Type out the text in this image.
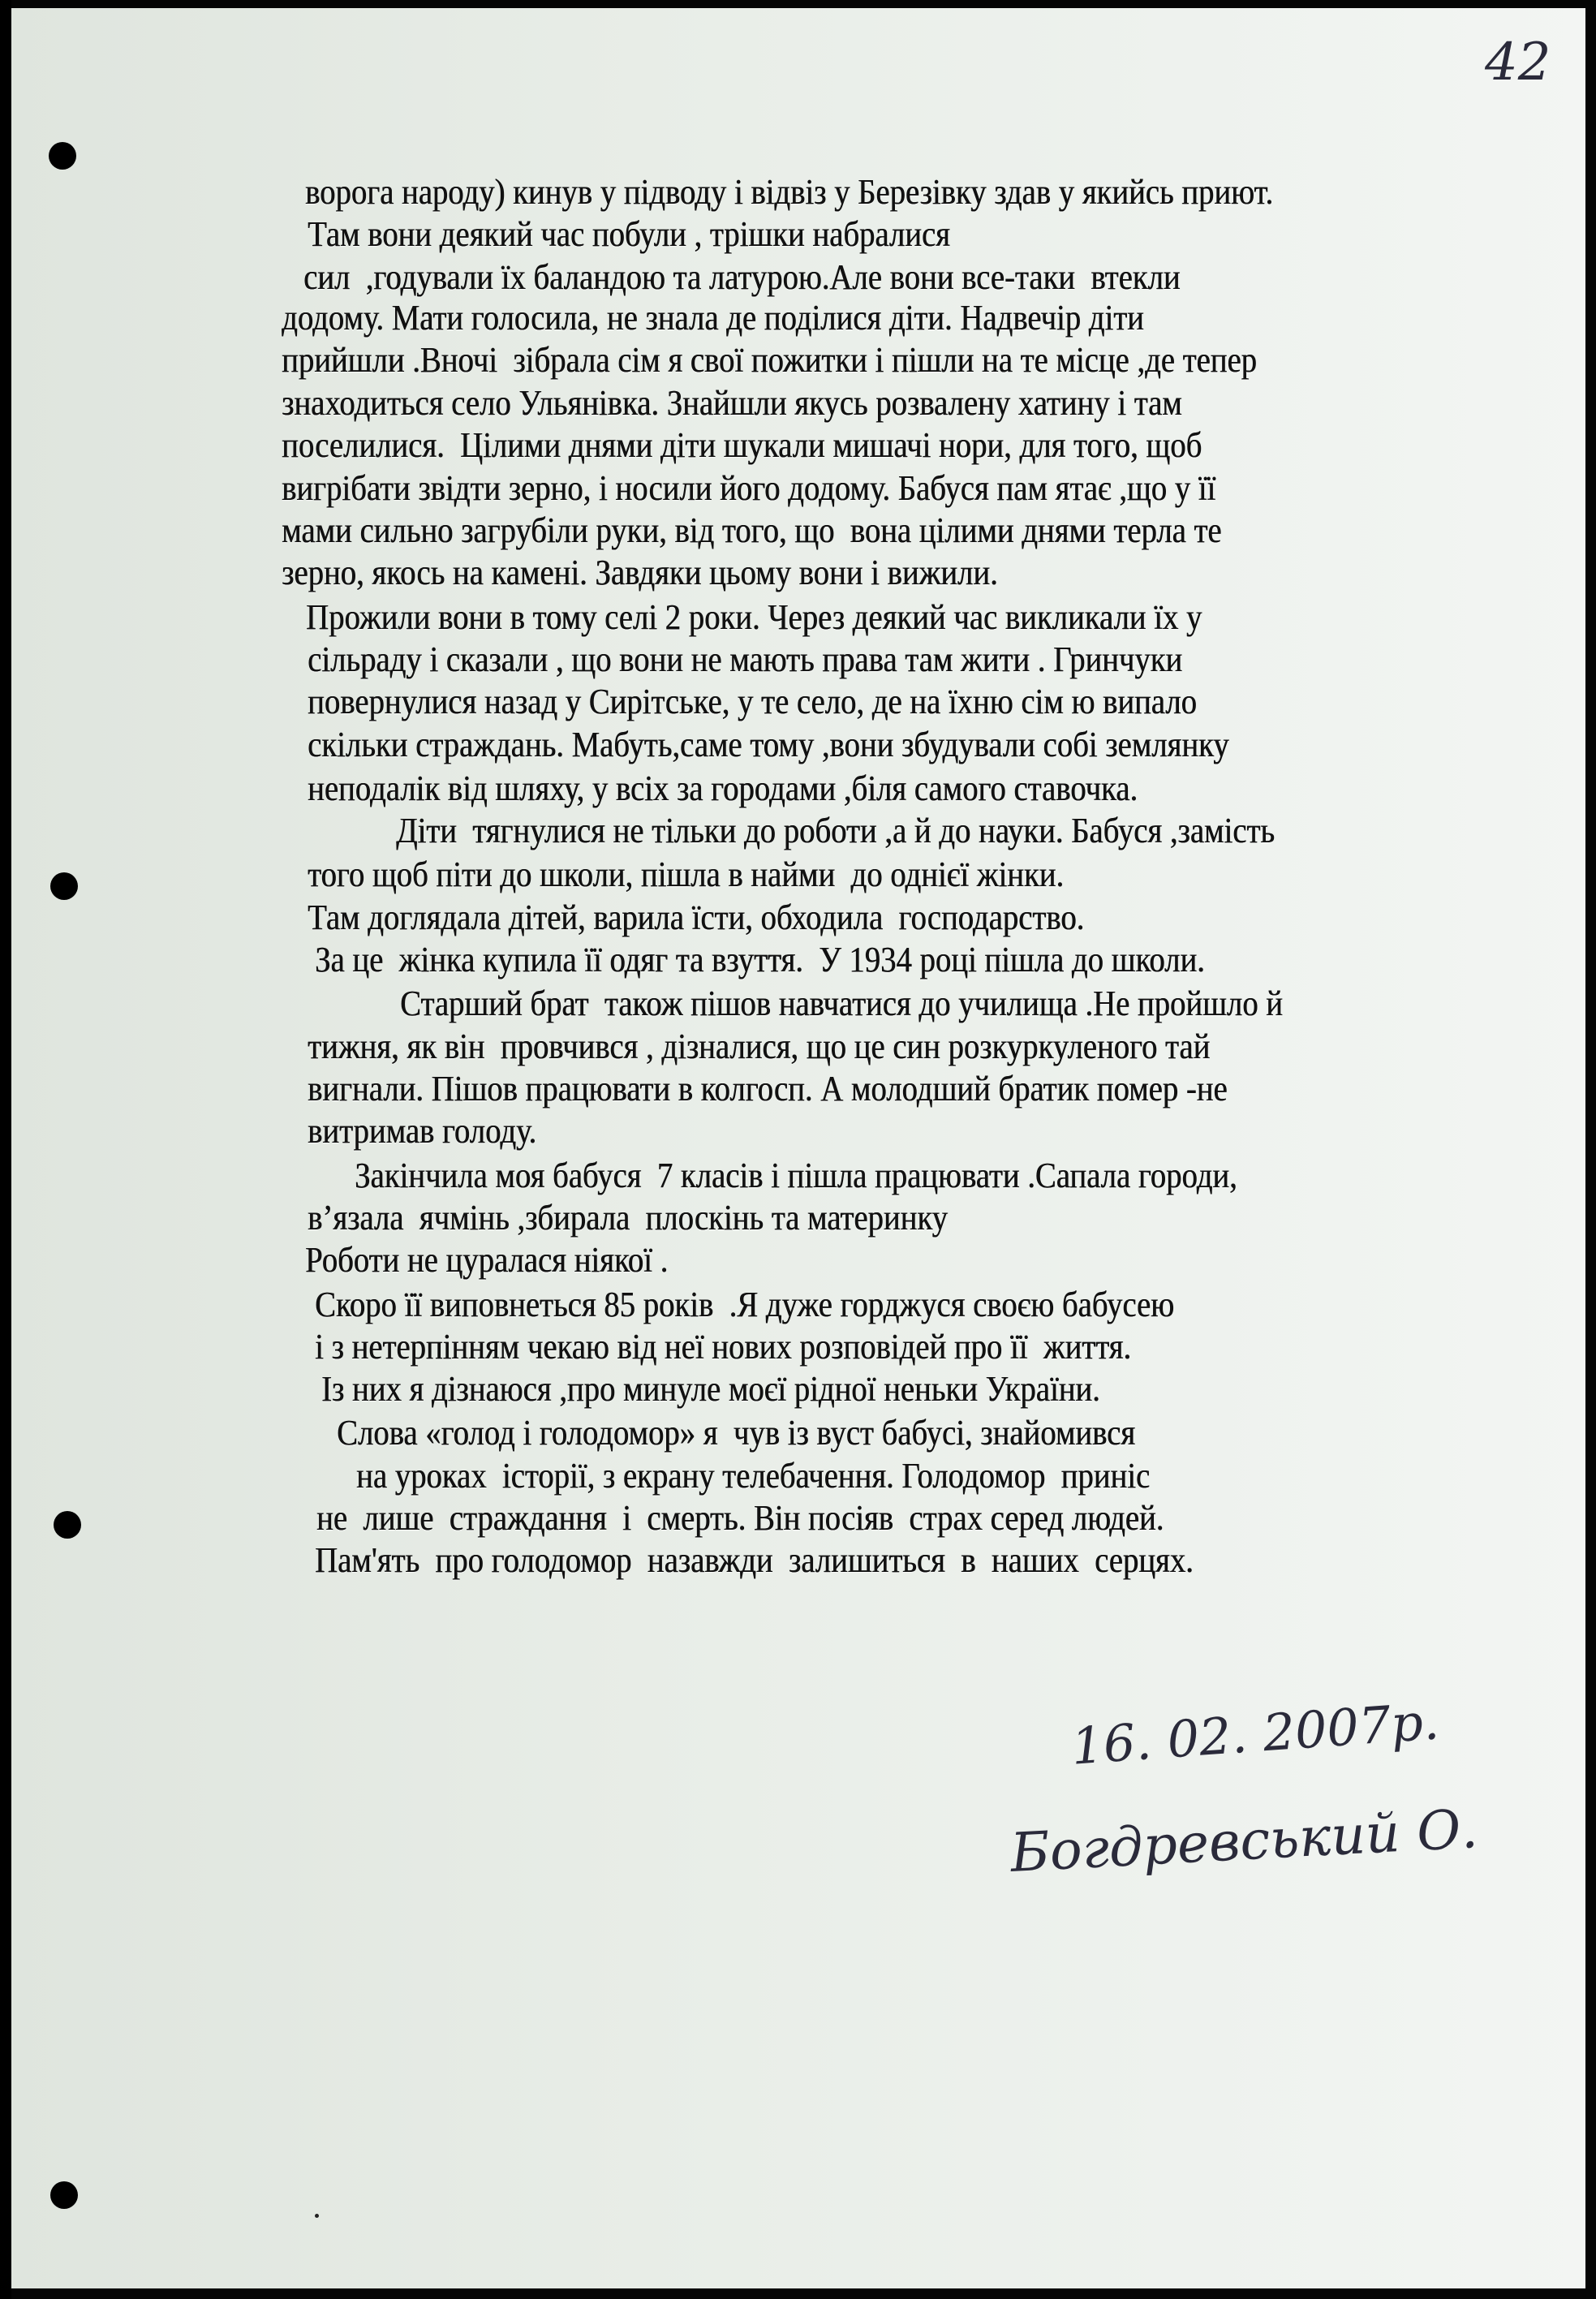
42
ворога народу) кинув у підводу і відвіз у Березівку здав у якийсь приют.
Там вони деякий час побули , трішки набралися
сил  ,годували їх баландою та латурою.Але вони все-таки  втекли
додому. Мати голосила, не знала де поділися діти. Надвечір діти
прийшли .Вночі  зібрала сім я свої пожитки і пішли на те місце ,де тепер
знаходиться село Ульянівка. Знайшли якусь розвалену хатину і там
поселилися.  Цілими днями діти шукали мишачі нори, для того, щоб
вигрібати звідти зерно, і носили його додому. Бабуся пам ятає ,що у її
мами сильно загрубіли руки, від того, що  вона цілими днями терла те
зерно, якось на камені. Завдяки цьому вони і вижили.
Прожили вони в тому селі 2 роки. Через деякий час викликали їх у
сільраду і сказали , що вони не мають права там жити . Гринчуки
повернулися назад у Сирітське, у те село, де на їхню сім ю випало
скільки страждань. Мабуть,саме тому ,вони збудували собі землянку
неподалік від шляху, у всіх за городами ,біля самого ставочка.
Діти  тягнулися не тільки до роботи ,а й до науки. Бабуся ,замість
того щоб піти до школи, пішла в найми  до однієї жінки.
Там доглядала дітей, варила їсти, обходила  господарство.
За це  жінка купила її одяг та взуття.  У 1934 році пішла до школи.
Старший брат  також пішов навчатися до училища .Не пройшло й
тижня, як він  провчився , дізналися, що це син розкуркуленого тай
вигнали. Пішов працювати в колгосп. А молодший братик помер -не
витримав голоду.
Закінчила моя бабуся  7 класів і пішла працювати .Сапала городи,
в’язала  ячмінь ,збирала  плоскінь та материнку
Роботи не цуралася ніякої .
Скоро її виповнеться 85 років  .Я дуже горджуся своєю бабусею
і з нетерпінням чекаю від неї нових розповідей про її  життя.
Із них я дізнаюся ,про минуле моєї рідної неньки України.
Слова «голод і голодомор» я  чув із вуст бабусі, знайомився
на уроках  історії, з екрану телебачення. Голодомор  приніс
не  лише  страждання  і  смерть. Він посіяв  страх серед людей.
Пам'ять  про голодомор  назавжди  залишиться  в  наших  серцях.
16. 02. 2007р.
Богдревський О.
